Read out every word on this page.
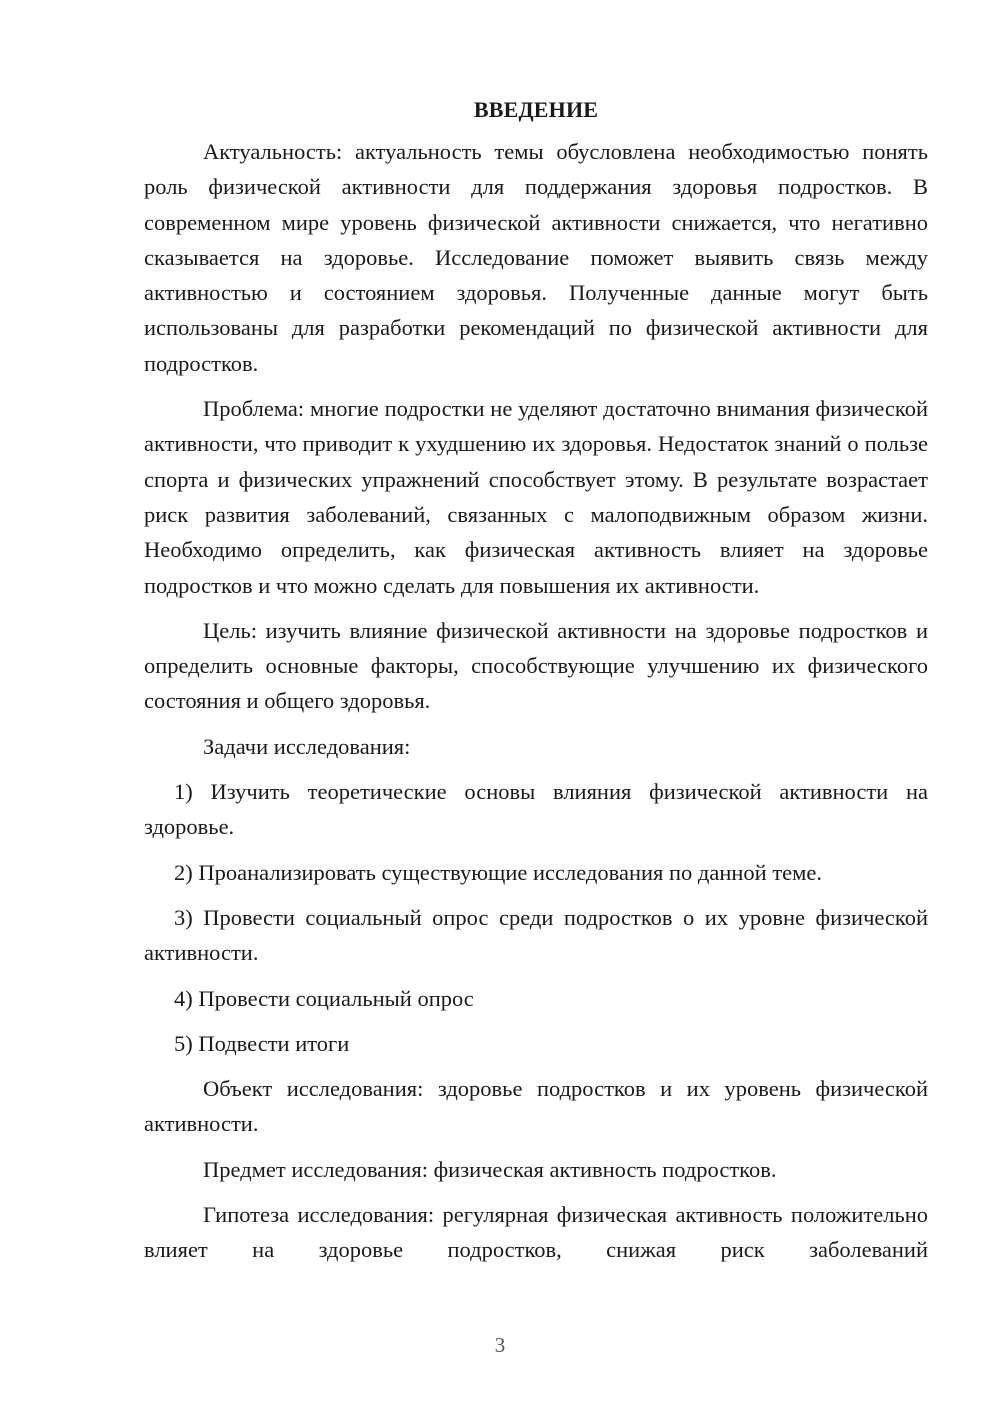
ВВЕДЕНИЕ

Актуальность: актуальность темы обусловлена необходимостью понять роль физической активности для поддержания здоровья подростков. В современном мире уровень физической активности снижается, что негативно сказывается на здоровье. Исследование поможет выявить связь между активностью и состоянием здоровья. Полученные данные могут быть использованы для разработки рекомендаций по физической активности для подростков.

Проблема: многие подростки не уделяют достаточно внимания физической активности, что приводит к ухудшению их здоровья. Недостаток знаний о пользе спорта и физических упражнений способствует этому. В результате возрастает риск развития заболеваний, связанных с малоподвижным образом жизни. Необходимо определить, как физическая активность влияет на здоровье подростков и что можно сделать для повышения их активности.

Цель: изучить влияние физической активности на здоровье подростков и определить основные факторы, способствующие улучшению их физического состояния и общего здоровья.

Задачи исследования:

1) Изучить теоретические основы влияния физической активности на здоровье.

2) Проанализировать существующие исследования по данной теме.

3) Провести социальный опрос среди подростков о их уровне физической активности.

4) Провести социальный опрос

5) Подвести итоги

Объект исследования: здоровье подростков и их уровень физической активности.

Предмет исследования: физическая активность подростков.

Гипотеза исследования: регулярная физическая активность положительно влияет на здоровье подростков, снижая риск заболеваний

3
